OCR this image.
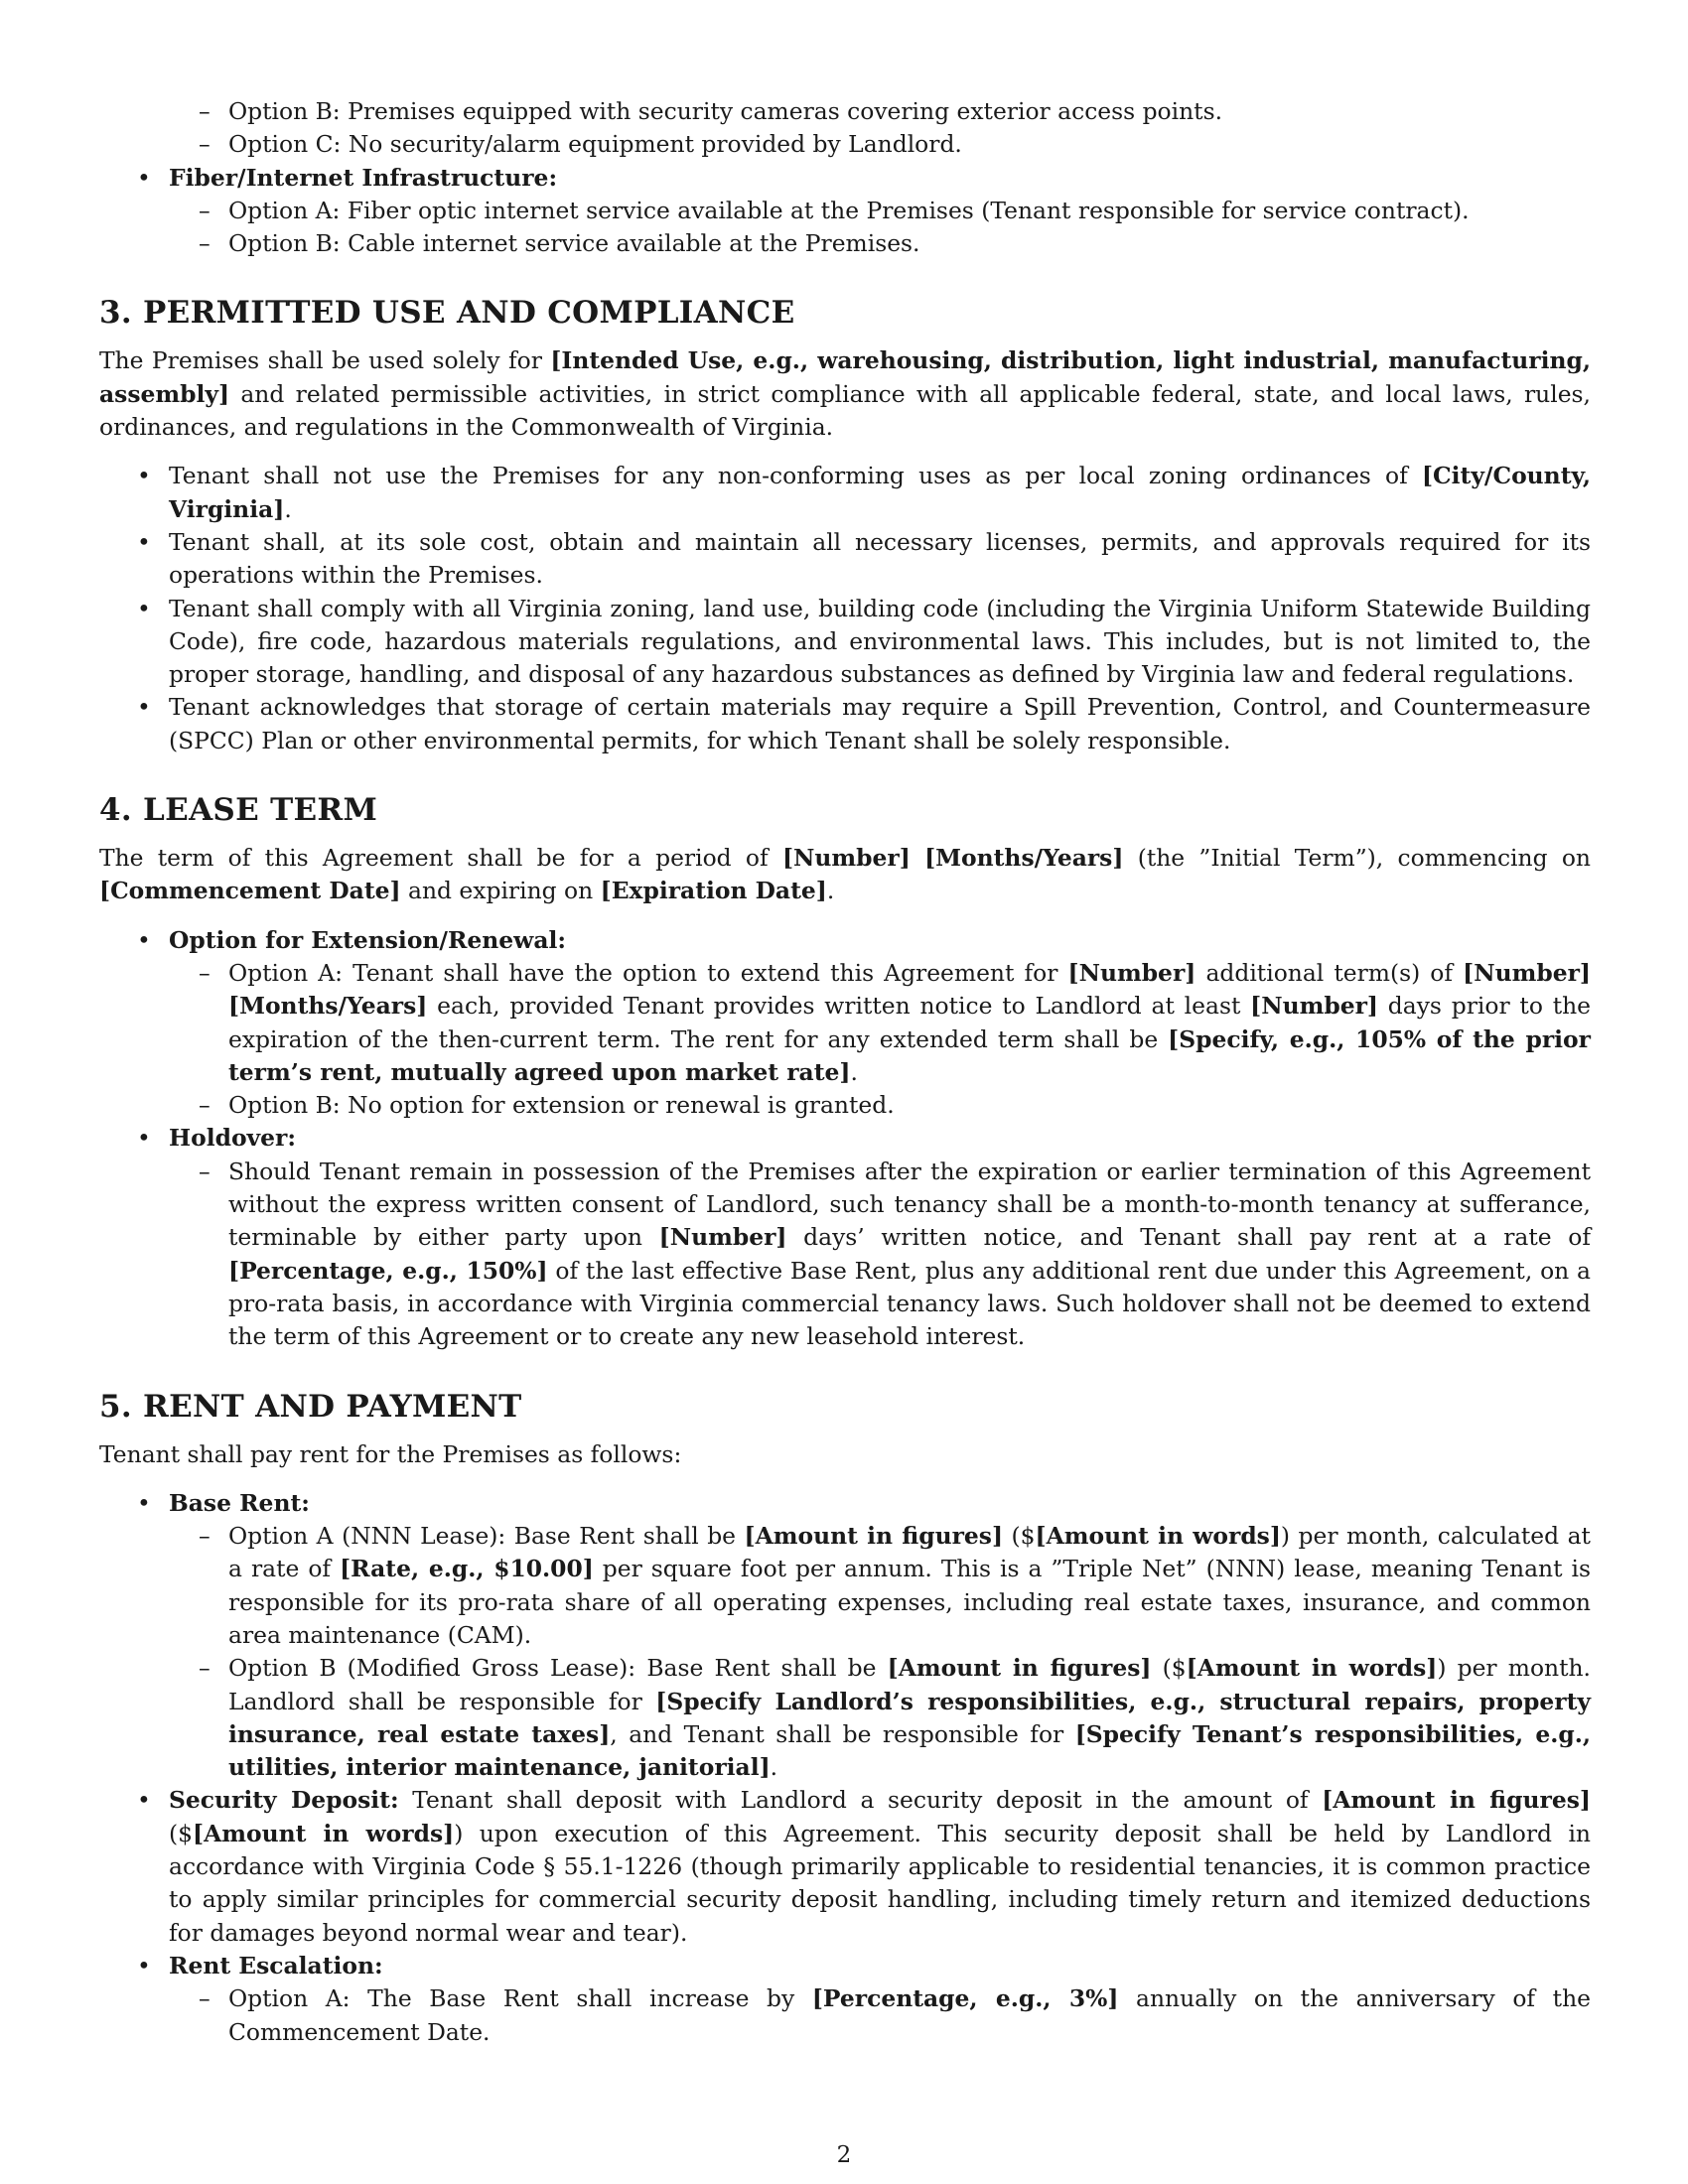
– Option B: Premises equipped with security cameras covering exterior access points.
– Option C: No security/alarm equipment provided by Landlord.
• Fiber/Internet Infrastructure:
– Option A: Fiber optic internet service available at the Premises (Tenant responsible for service contract).
– Option B: Cable internet service available at the Premises.
3. PERMITTED USE AND COMPLIANCE

The Premises shall be used solely for [Intended Use, e.g., warehousing, distribution, light industrial, manufacturing, assembly] and related permissible activities, in strict compliance with all applicable federal, state, and local laws, rules, ordinances, and regulations in the Commonwealth of Virginia.

• Tenant shall not use the Premises for any non-conforming uses as per local zoning ordinances of [City/County, Virginia].
• Tenant shall, at its sole cost, obtain and maintain all necessary licenses, permits, and approvals required for its operations within the Premises.
• Tenant shall comply with all Virginia zoning, land use, building code (including the Virginia Uniform Statewide Building Code), fire code, hazardous materials regulations, and environmental laws. This includes, but is not limited to, the proper storage, handling, and disposal of any hazardous substances as defined by Virginia law and federal regulations.
• Tenant acknowledges that storage of certain materials may require a Spill Prevention, Control, and Countermeasure (SPCC) Plan or other environmental permits, for which Tenant shall be solely responsible.
4. LEASE TERM

The term of this Agreement shall be for a period of [Number] [Months/Years] (the ”Initial Term”), commencing on [Commencement Date] and expiring on [Expiration Date].

• Option for Extension/Renewal:
– Option A: Tenant shall have the option to extend this Agreement for [Number] additional term(s) of [Number] [Months/Years] each, provided Tenant provides written notice to Landlord at least [Number] days prior to the expiration of the then-current term. The rent for any extended term shall be [Specify, e.g., 105% of the prior term’s rent, mutually agreed upon market rate].
– Option B: No option for extension or renewal is granted.
• Holdover:
– Should Tenant remain in possession of the Premises after the expiration or earlier termination of this Agreement without the express written consent of Landlord, such tenancy shall be a month-to-month tenancy at sufferance, terminable by either party upon [Number] days’ written notice, and Tenant shall pay rent at a rate of [Percentage, e.g., 150%] of the last effective Base Rent, plus any additional rent due under this Agreement, on a pro-rata basis, in accordance with Virginia commercial tenancy laws. Such holdover shall not be deemed to extend the term of this Agreement or to create any new leasehold interest.
5. RENT AND PAYMENT

Tenant shall pay rent for the Premises as follows:

• Base Rent:
– Option A (NNN Lease): Base Rent shall be [Amount in figures] ($[Amount in words]) per month, calculated at a rate of [Rate, e.g., $10.00] per square foot per annum. This is a ”Triple Net” (NNN) lease, meaning Tenant is responsible for its pro-rata share of all operating expenses, including real estate taxes, insurance, and common area maintenance (CAM).
– Option B (Modified Gross Lease): Base Rent shall be [Amount in figures] ($[Amount in words]) per month. Landlord shall be responsible for [Specify Landlord’s responsibilities, e.g., structural repairs, property insurance, real estate taxes], and Tenant shall be responsible for [Specify Tenant’s responsibilities, e.g., utilities, interior maintenance, janitorial].
• Security Deposit: Tenant shall deposit with Landlord a security deposit in the amount of [Amount in figures] ($[Amount in words]) upon execution of this Agreement. This security deposit shall be held by Landlord in accordance with Virginia Code § 55.1-1226 (though primarily applicable to residential tenancies, it is common practice to apply similar principles for commercial security deposit handling, including timely return and itemized deductions for damages beyond normal wear and tear).
• Rent Escalation:
– Option A: The Base Rent shall increase by [Percentage, e.g., 3%] annually on the anniversary of the Commencement Date.
2
